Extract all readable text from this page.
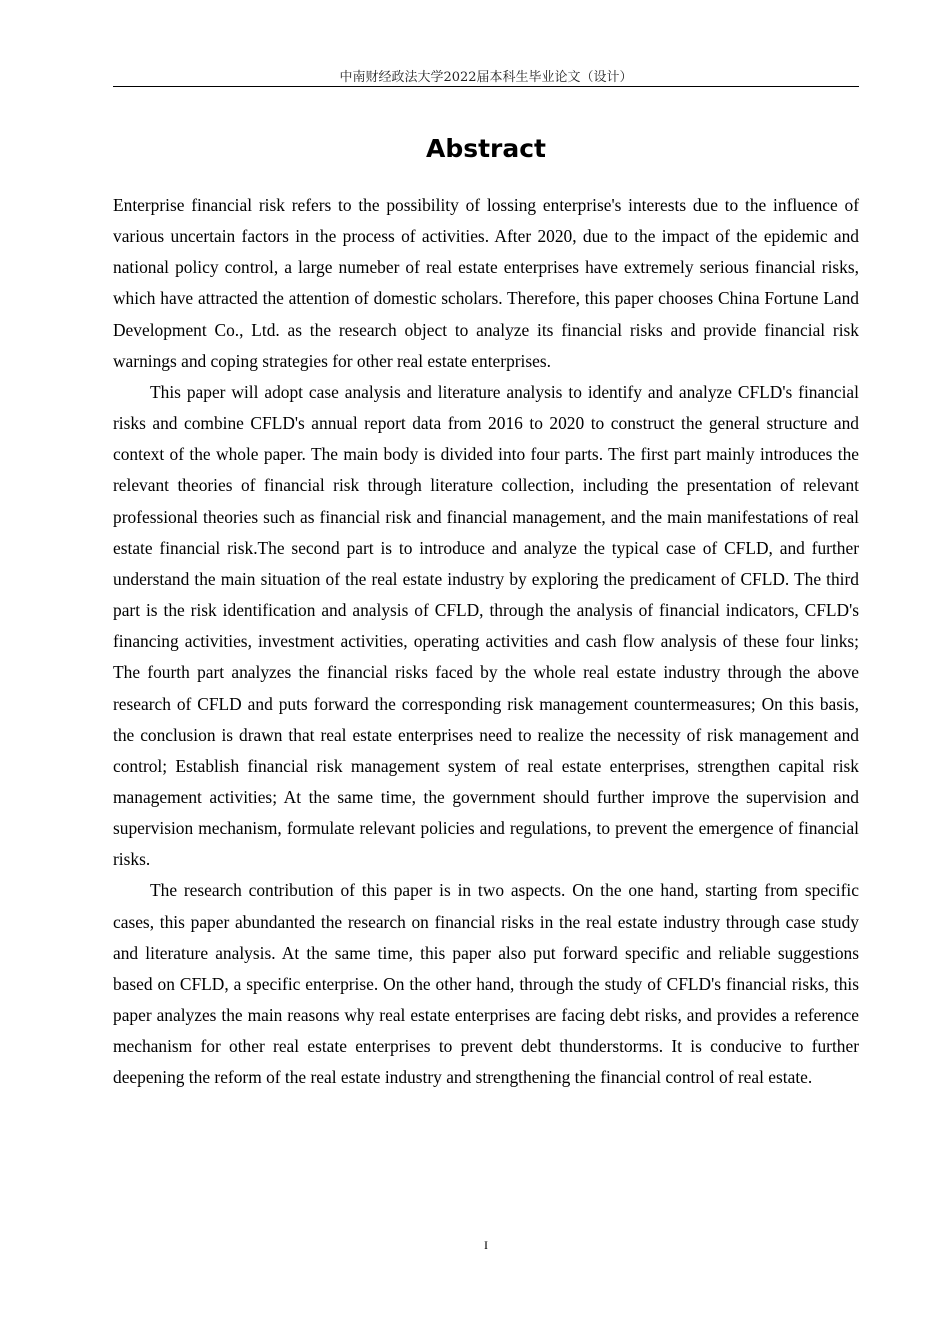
中南财经政法大学2022届本科生毕业论文（设计）
Abstract

Enterprise financial risk refers to the possibility of lossing enterprise's interests due to the influence of various uncertain factors in the process of activities. After 2020, due to the impact of the epidemic and national policy control, a large numeber of real estate enterprises have extremely serious financial risks, which have attracted the attention of domestic scholars. Therefore, this paper chooses China Fortune Land Development Co., Ltd. as the research object to analyze its financial risks and provide financial risk warnings and coping strategies for other real estate enterprises.

This paper will adopt case analysis and literature analysis to identify and analyze CFLD's financial risks and combine CFLD's annual report data from 2016 to 2020 to construct the general structure and context of the whole paper. The main body is divided into four parts. The first part mainly introduces the relevant theories of financial risk through literature collection, including the presentation of relevant professional theories such as financial risk and financial management, and the main manifestations of real estate financial risk.The second part is to introduce and analyze the typical case of CFLD, and further understand the main situation of the real estate industry by exploring the predicament of CFLD. The third part is the risk identification and analysis of CFLD, through the analysis of financial indicators, CFLD's financing activities, investment activities, operating activities and cash flow analysis of these four links; The fourth part analyzes the financial risks faced by the whole real estate industry through the above research of CFLD and puts forward the corresponding risk management countermeasures; On this basis, the conclusion is drawn that real estate enterprises need to realize the necessity of risk management and control; Establish financial risk management system of real estate enterprises, strengthen capital risk management activities; At the same time, the government should further improve the supervision and supervision mechanism, formulate relevant policies and regulations, to prevent the emergence of financial risks.

The research contribution of this paper is in two aspects. On the one hand, starting from specific cases, this paper abundanted the research on financial risks in the real estate industry through case study and literature analysis. At the same time, this paper also put forward specific and reliable suggestions based on CFLD, a specific enterprise. On the other hand, through the study of CFLD's financial risks, this paper analyzes the main reasons why real estate enterprises are facing debt risks, and provides a reference mechanism for other real estate enterprises to prevent debt thunderstorms. It is conducive to further deepening the reform of the real estate industry and strengthening the financial control of real estate.

I
